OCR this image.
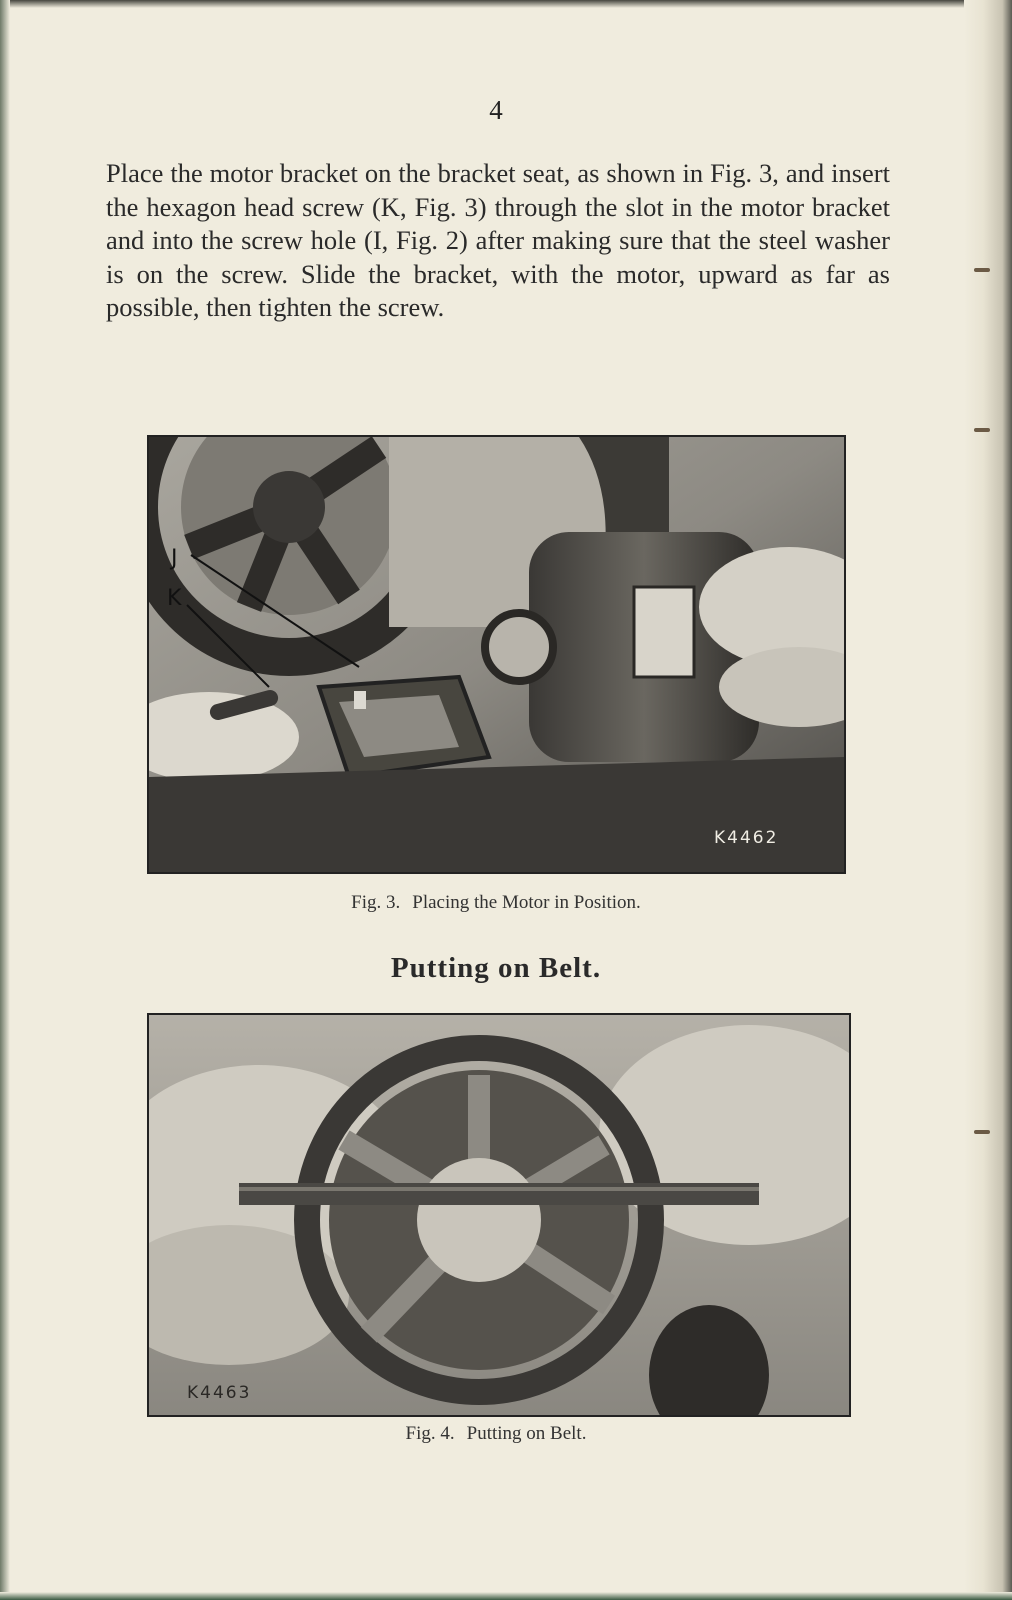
4

Place the motor bracket on the bracket seat, as shown in Fig. 3, and insert the hexagon head screw (K, Fig. 3) through the slot in the motor bracket and into the screw hole (I, Fig. 2) after making sure that the steel washer is on the screw. Slide the bracket, with the motor, upward as far as possible, then tighten the screw.

J
K
K4462
Fig. 3. Placing the Motor in Position.
Putting on Belt.
K4463
Fig. 4. Putting on Belt.
